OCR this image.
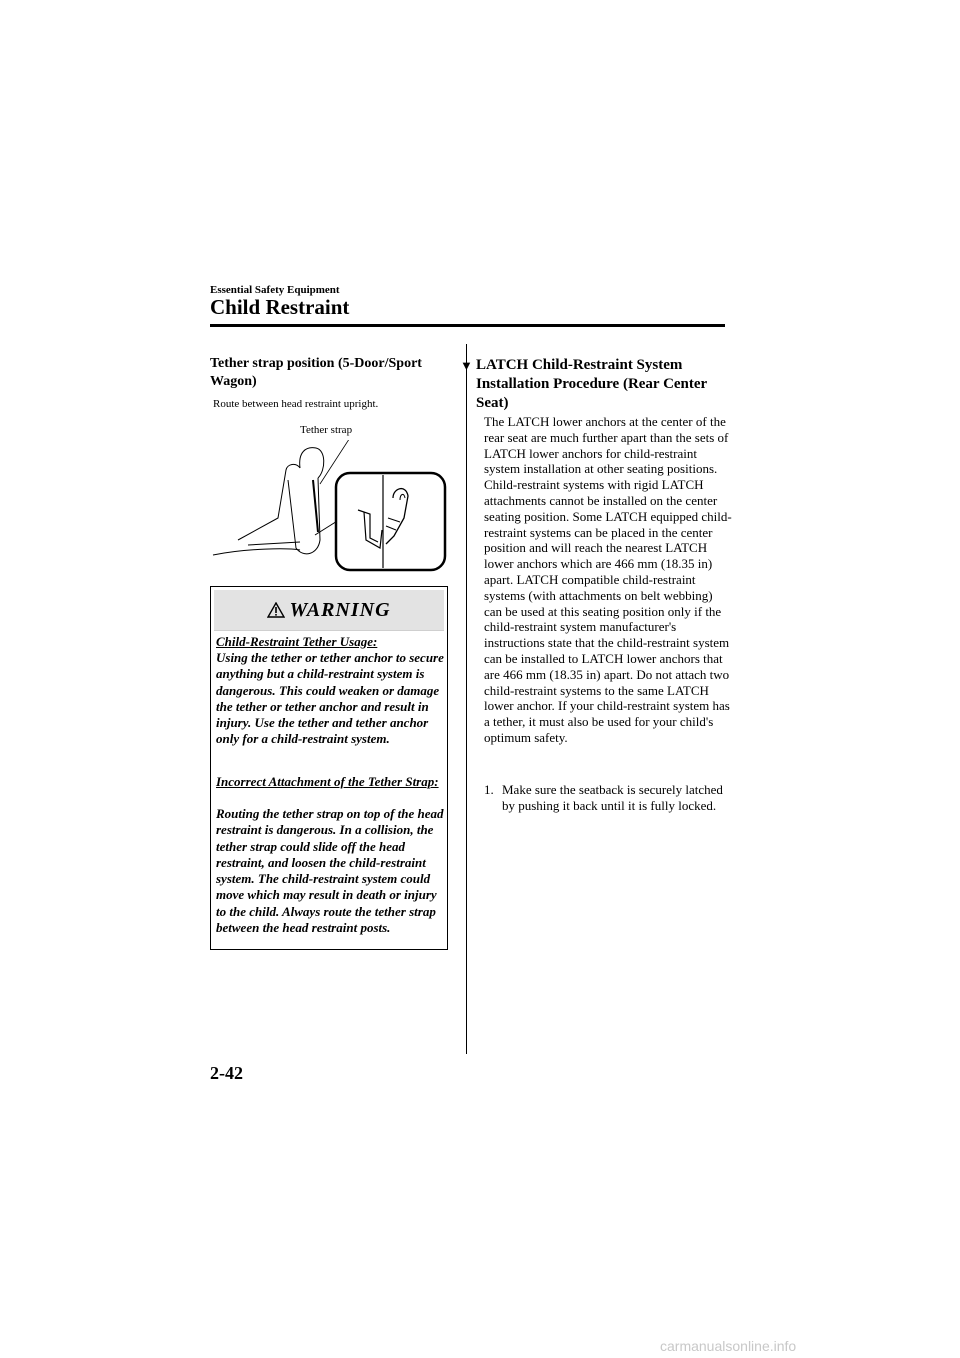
Essential Safety Equipment
Child Restraint
Tether strap position (5-Door/Sport Wagon)
Route between head restraint upright.
Tether strap
WARNING
Child-Restraint Tether Usage:
Using the tether or tether anchor to secure anything but a child-restraint system is dangerous. This could weaken or damage the tether or tether anchor and result in injury. Use the tether and tether anchor only for a child-restraint system.
Incorrect Attachment of the Tether Strap:
Routing the tether strap on top of the head restraint is dangerous. In a collision, the tether strap could slide off the head restraint, and loosen the child-restraint system. The child-restraint system could move which may result in death or injury to the child. Always route the tether strap between the head restraint posts.
▼ LATCH Child-Restraint System Installation Procedure (Rear Center Seat)
The LATCH lower anchors at the center of the rear seat are much further apart than the sets of LATCH lower anchors for child-restraint system installation at other seating positions. Child-restraint systems with rigid LATCH attachments cannot be installed on the center seating position. Some LATCH equipped child-restraint systems can be placed in the center position and will reach the nearest LATCH lower anchors which are 466 mm (18.35 in) apart. LATCH compatible child-restraint systems (with attachments on belt webbing) can be used at this seating position only if the child-restraint system manufacturer's instructions state that the child-restraint system can be installed to LATCH lower anchors that are 466 mm (18.35 in) apart. Do not attach two child-restraint systems to the same LATCH lower anchor. If your child-restraint system has a tether, it must also be used for your child's optimum safety.
1. Make sure the seatback is securely latched by pushing it back until it is fully locked.
2-42
carmanualsonline.info
